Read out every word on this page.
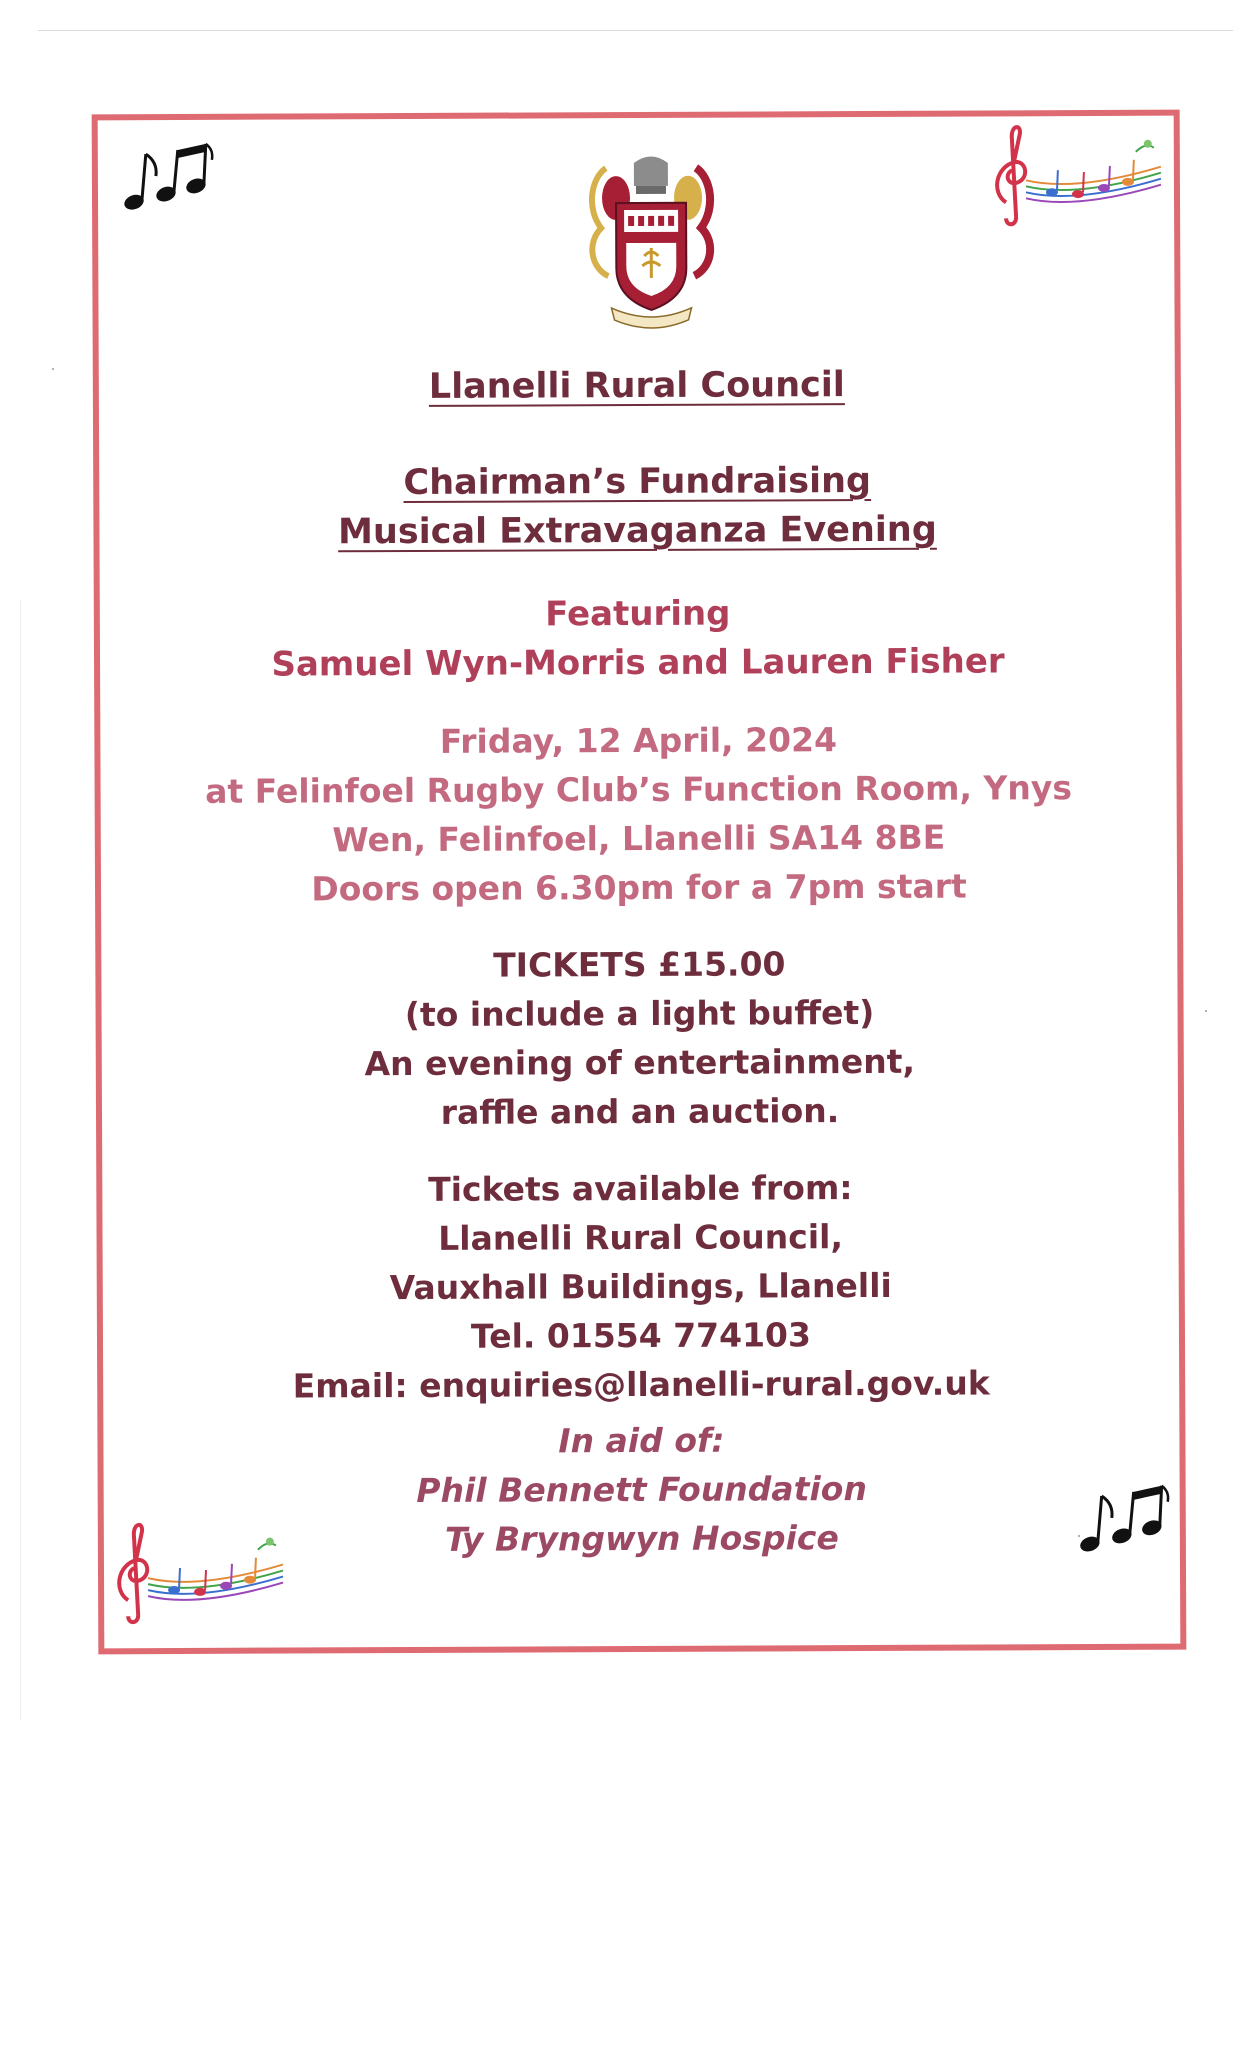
Llanelli Rural Council
Chairman’s Fundraising
Musical Extravaganza Evening
Featuring
Samuel Wyn-Morris and Lauren Fisher
Friday, 12 April, 2024
at Felinfoel Rugby Club’s Function Room, Ynys
Wen, Felinfoel, Llanelli SA14 8BE
Doors open 6.30pm for a 7pm start
TICKETS £15.00
(to include a light buffet)
An evening of entertainment,
raffle and an auction.
Tickets available from:
Llanelli Rural Council,
Vauxhall Buildings, Llanelli
Tel. 01554 774103
Email: enquiries@llanelli-rural.gov.uk
In aid of:
Phil Bennett Foundation
Ty Bryngwyn Hospice
